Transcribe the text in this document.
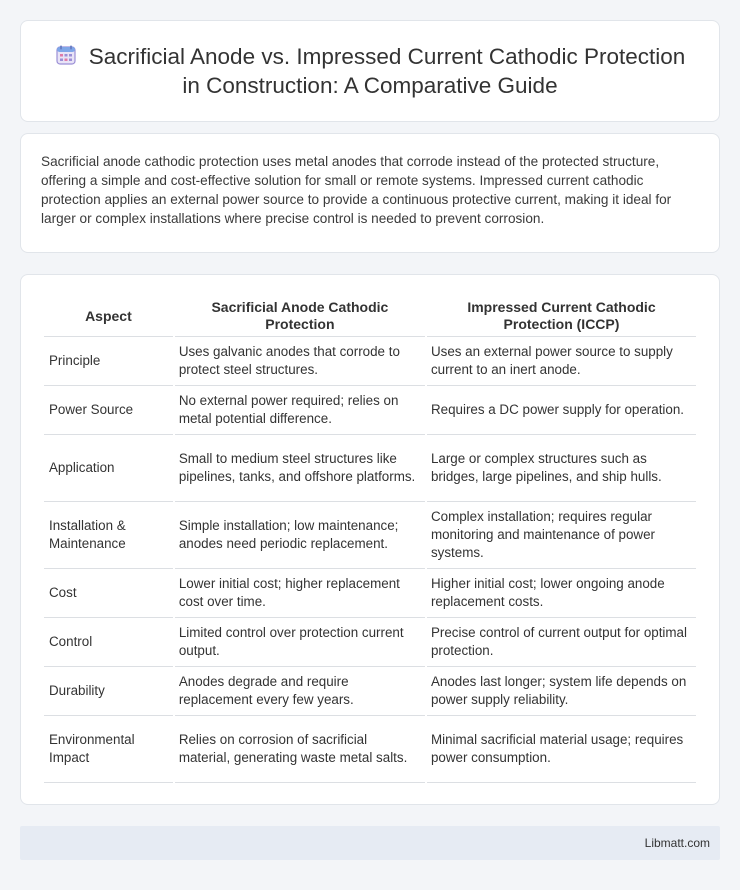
Sacrificial Anode vs. Impressed Current Cathodic Protection in Construction: A Comparative Guide

Sacrificial anode cathodic protection uses metal anodes that corrode instead of the protected structure, offering a simple and cost-effective solution for small or remote systems. Impressed current cathodic protection applies an external power source to provide a continuous protective current, making it ideal for larger or complex installations where precise control is needed to prevent corrosion.

Aspect	Sacrificial Anode Cathodic Protection	Impressed Current Cathodic Protection (ICCP)
Principle	Uses galvanic anodes that corrode to protect steel structures.	Uses an external power source to supply current to an inert anode.
Power Source	No external power required; relies on metal potential difference.	Requires a DC power supply for operation.
Application	Small to medium steel structures like pipelines, tanks, and offshore platforms.	Large or complex structures such as bridges, large pipelines, and ship hulls.
Installation & Maintenance	Simple installation; low maintenance; anodes need periodic replacement.	Complex installation; requires regular monitoring and maintenance of power systems.
Cost	Lower initial cost; higher replacement cost over time.	Higher initial cost; lower ongoing anode replacement costs.
Control	Limited control over protection current output.	Precise control of current output for optimal protection.
Durability	Anodes degrade and require replacement every few years.	Anodes last longer; system life depends on power supply reliability.
Environmental Impact	Relies on corrosion of sacrificial material, generating waste metal salts.	Minimal sacrificial material usage; requires power consumption.
Libmatt.com
